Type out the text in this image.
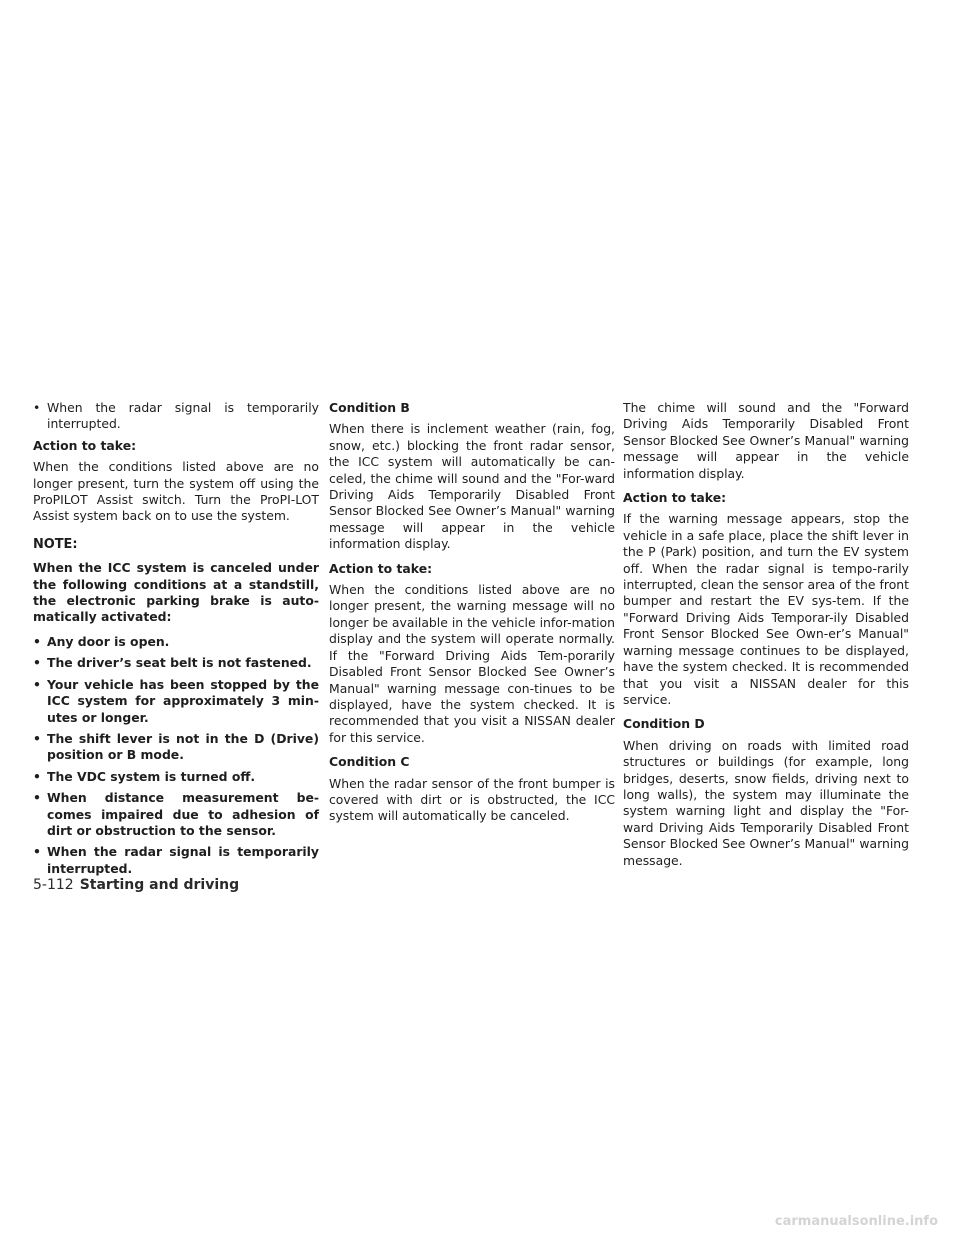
• When the radar signal is temporarily interrupted.

Action to take:

When the conditions listed above are no longer present, turn the system off using the ProPILOT Assist switch. Turn the ProPI-LOT Assist system back on to use the system.

NOTE:

When the ICC system is canceled under the following conditions at a standstill, the electronic parking brake is auto-matically activated:

• Any door is open.
• The driver’s seat belt is not fastened.
• Your vehicle has been stopped by the ICC system for approximately 3 min-utes or longer.
• The shift lever is not in the D (Drive) position or B mode.
• The VDC system is turned off.
• When distance measurement be-comes impaired due to adhesion of dirt or obstruction to the sensor.
• When the radar signal is temporarily interrupted.

Condition B

When there is inclement weather (rain, fog, snow, etc.) blocking the front radar sensor, the ICC system will automatically be can-celed, the chime will sound and the "For-ward Driving Aids Temporarily Disabled Front Sensor Blocked See Owner’s Manual" warning message will appear in the vehicle information display.

Action to take:

When the conditions listed above are no longer present, the warning message will no longer be available in the vehicle infor-mation display and the system will operate normally. If the "Forward Driving Aids Tem-porarily Disabled Front Sensor Blocked See Owner’s Manual" warning message con-tinues to be displayed, have the system checked. It is recommended that you visit a NISSAN dealer for this service.

Condition C

When the radar sensor of the front bumper is covered with dirt or is obstructed, the ICC system will automatically be canceled.

The chime will sound and the "Forward Driving Aids Temporarily Disabled Front Sensor Blocked See Owner’s Manual" warning message will appear in the vehicle information display.

Action to take:

If the warning message appears, stop the vehicle in a safe place, place the shift lever in the P (Park) position, and turn the EV system off. When the radar signal is tempo-rarily interrupted, clean the sensor area of the front bumper and restart the EV sys-tem. If the "Forward Driving Aids Temporar-ily Disabled Front Sensor Blocked See Own-er’s Manual" warning message continues to be displayed, have the system checked. It is recommended that you visit a NISSAN dealer for this service.

Condition D

When driving on roads with limited road structures or buildings (for example, long bridges, deserts, snow fields, driving next to long walls), the system may illuminate the system warning light and display the "For-ward Driving Aids Temporarily Disabled Front Sensor Blocked See Owner’s Manual" warning message.

5-112 Starting and driving
carmanualsonline.info
